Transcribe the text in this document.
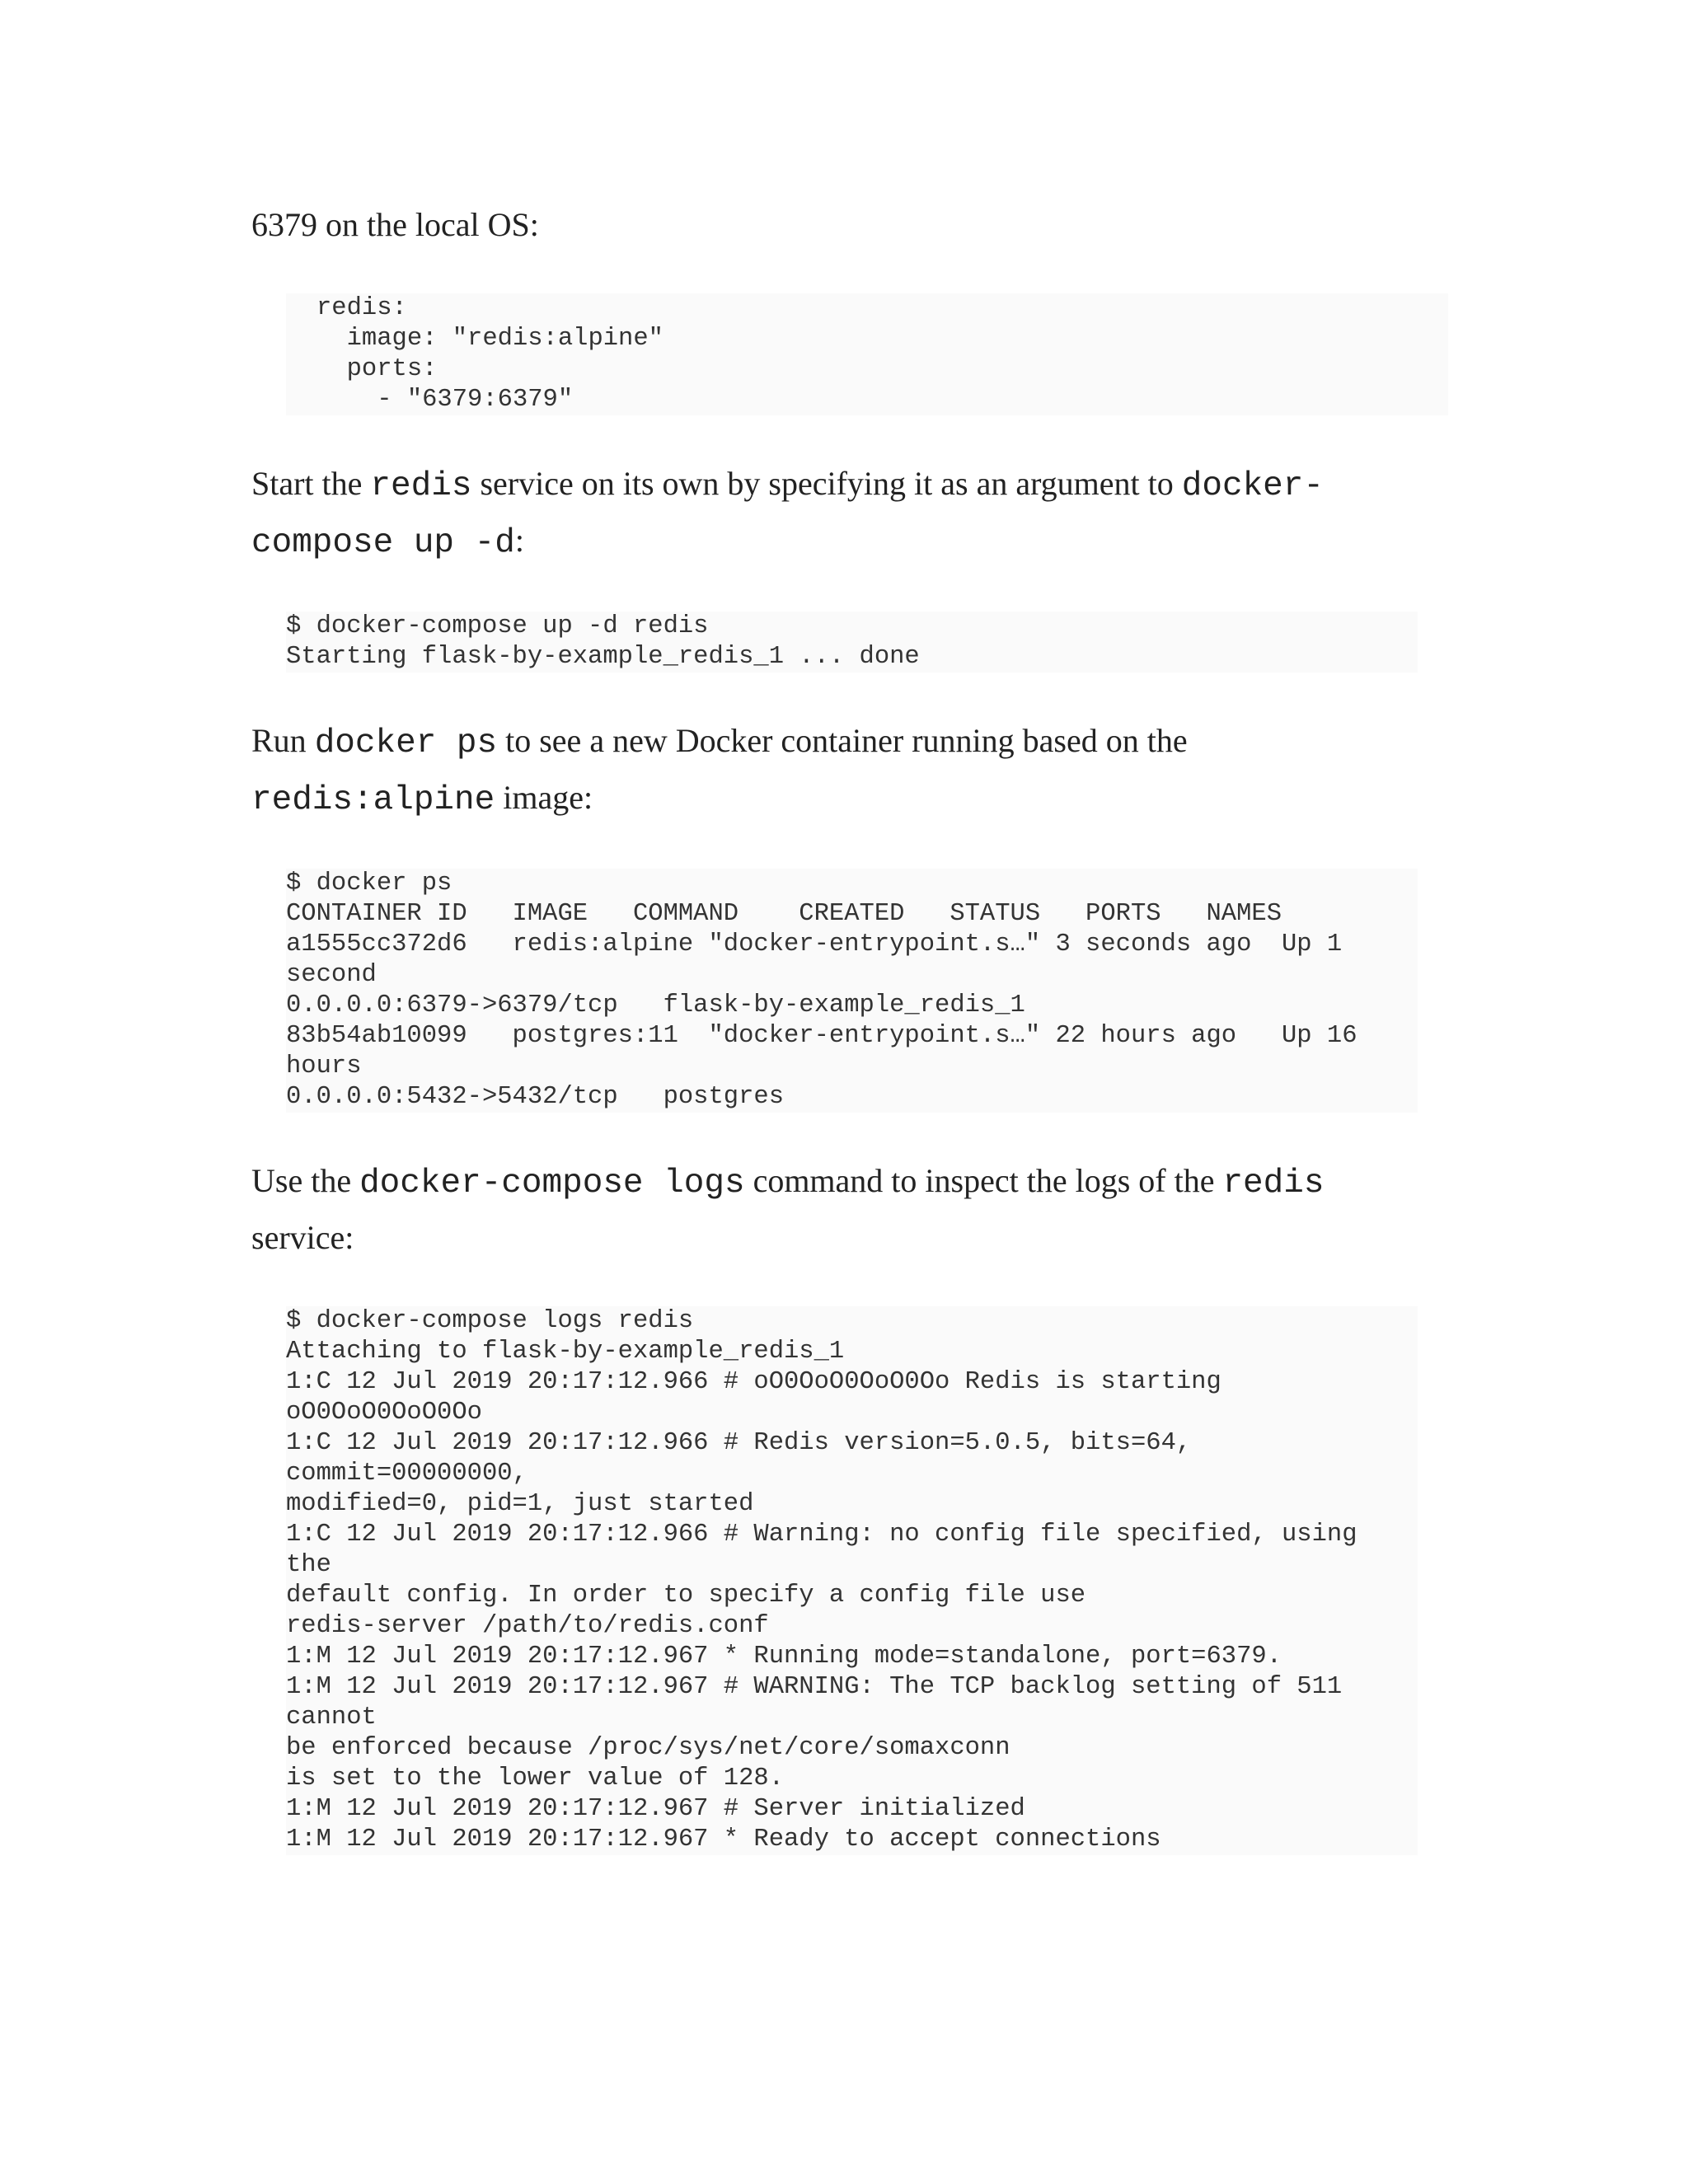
6379 on the local OS:

redis:
image: "redis:alpine"
ports:
- "6379:6379"

Start the redis service on its own by specifying it as an argument to docker-compose up -d:

$ docker-compose up -d redis
Starting flask-by-example_redis_1 ... done

Run docker ps to see a new Docker container running based on the redis:alpine image:

$ docker ps
CONTAINER ID   IMAGE   COMMAND    CREATED   STATUS   PORTS   NAMES
a1555cc372d6   redis:alpine "docker-entrypoint.s…" 3 seconds ago  Up 1
second
0.0.0.0:6379->6379/tcp   flask-by-example_redis_1
83b54ab10099   postgres:11  "docker-entrypoint.s…" 22 hours ago   Up 16
hours
0.0.0.0:5432->5432/tcp   postgres

Use the docker-compose logs command to inspect the logs of the redis service:

$ docker-compose logs redis
Attaching to flask-by-example_redis_1
1:C 12 Jul 2019 20:17:12.966 # oO0OoO0OoO0Oo Redis is starting
oO0OoO0OoO0Oo
1:C 12 Jul 2019 20:17:12.966 # Redis version=5.0.5, bits=64,
commit=00000000,
modified=0, pid=1, just started
1:C 12 Jul 2019 20:17:12.966 # Warning: no config file specified, using
the
default config. In order to specify a config file use
redis-server /path/to/redis.conf
1:M 12 Jul 2019 20:17:12.967 * Running mode=standalone, port=6379.
1:M 12 Jul 2019 20:17:12.967 # WARNING: The TCP backlog setting of 511
cannot
be enforced because /proc/sys/net/core/somaxconn
is set to the lower value of 128.
1:M 12 Jul 2019 20:17:12.967 # Server initialized
1:M 12 Jul 2019 20:17:12.967 * Ready to accept connections
